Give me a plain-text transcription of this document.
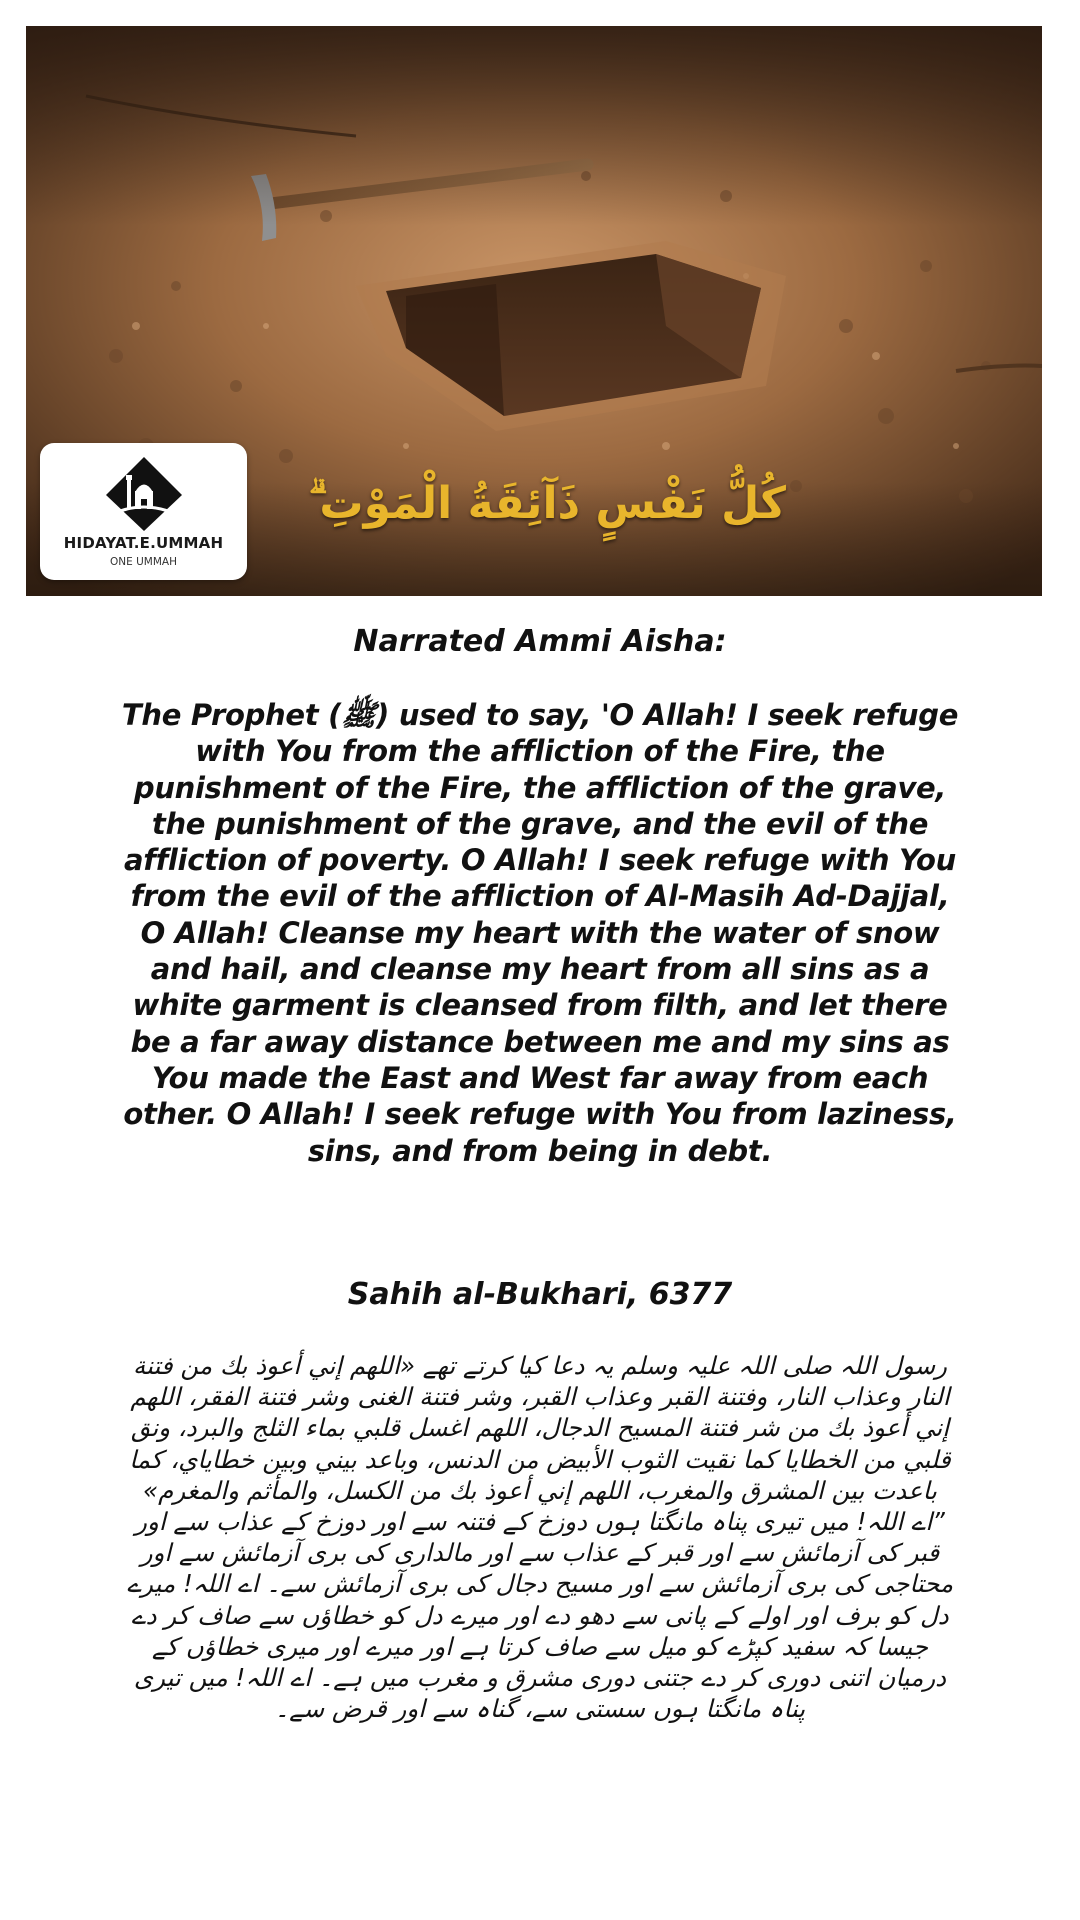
كُلُّ نَفْسٍ ذَآئِقَةُ الْمَوْتِ ۗ
HIDAYAT.E.UMMAH
ONE UMMAH
Narrated Ammi Aisha:
The Prophet (ﷺ) used to say, 'O Allah! I seek refuge with You from the affliction of the Fire, the punishment of the Fire, the affliction of the grave, the punishment of the grave, and the evil of the affliction of poverty. O Allah! I seek refuge with You from the evil of the affliction of Al-Masih Ad-Dajjal, O Allah! Cleanse my heart with the water of snow and hail, and cleanse my heart from all sins as a white garment is cleansed from filth, and let there be a far away distance between me and my sins as You made the East and West far away from each other. O Allah! I seek refuge with You from laziness, sins, and from being in debt.
Sahih al-Bukhari, 6377
رسول اللہ صلی اللہ علیہ وسلم یہ دعا کیا کرتے تھے «اللهم إني أعوذ بك من فتنة النار وعذاب النار، وفتنة القبر وعذاب القبر، وشر فتنة الغنى وشر فتنة الفقر، اللهم إني أعوذ بك من شر فتنة المسيح الدجال، اللهم اغسل قلبي بماء الثلج والبرد، ونق قلبي من الخطايا كما نقيت الثوب الأبيض من الدنس، وباعد بيني وبين خطاياي، كما باعدت بين المشرق والمغرب، اللهم إني أعوذ بك من الكسل، والمأثم والمغرم» ”اے اللہ! میں تیری پناہ مانگتا ہوں دوزخ کے فتنہ سے اور دوزخ کے عذاب سے اور قبر کی آزمائش سے اور قبر کے عذاب سے اور مالداری کی بری آزمائش سے اور محتاجی کی بری آزمائش سے اور مسیح دجال کی بری آزمائش سے۔ اے اللہ! میرے دل کو برف اور اولے کے پانی سے دھو دے اور میرے دل کو خطاؤں سے صاف کر دے جیسا کہ سفید کپڑے کو میل سے صاف کرتا ہے اور میرے اور میری خطاؤں کے درمیان اتنی دوری کر دے جتنی دوری مشرق و مغرب میں ہے۔ اے اللہ! میں تیری پناہ مانگتا ہوں سستی سے، گناہ سے اور قرض سے۔
